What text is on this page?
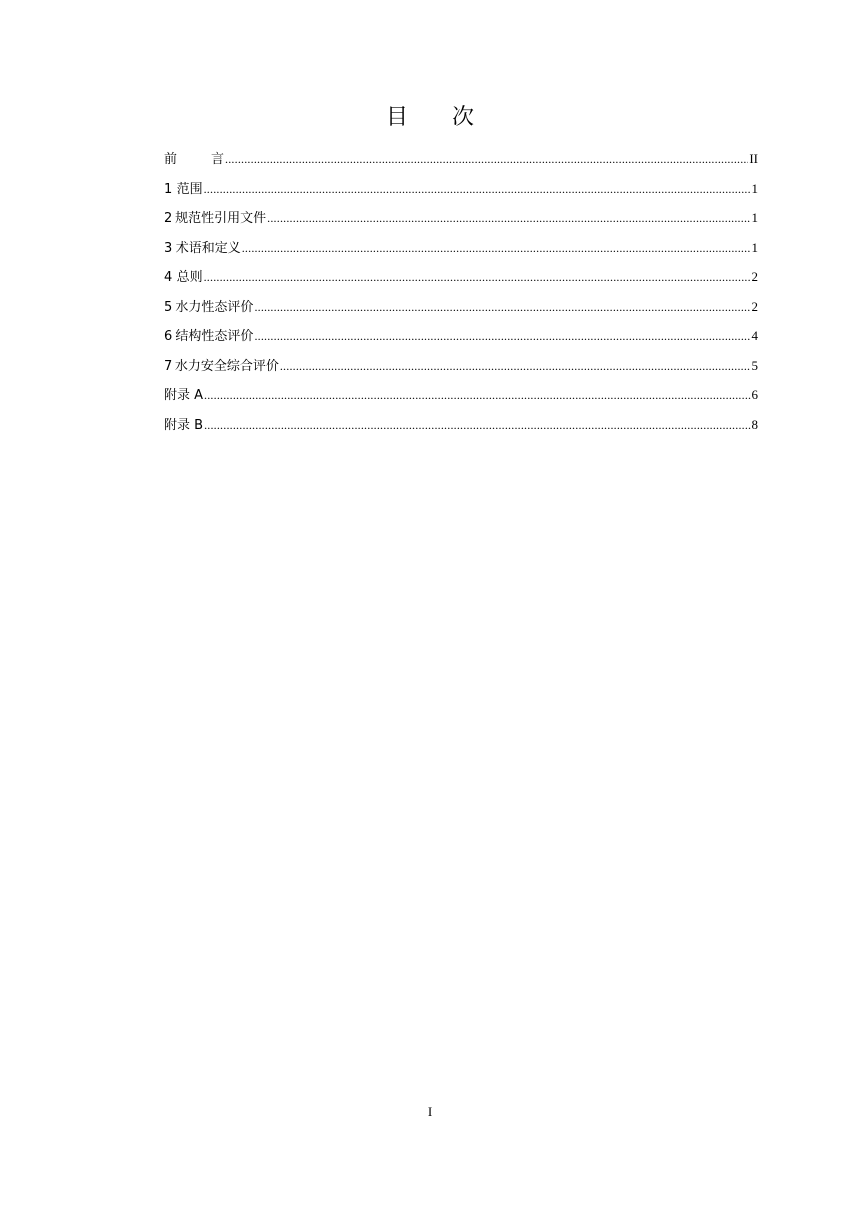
目 次
前	言 .....	II
1 范围 .....	1
2 规范性引用文件 .....	1
3 术语和定义 .....	1
4 总则 .....	2
5 水力性态评价 .....	2
6 结构性态评价 .....	4
7 水力安全综合评价 .....	5
附录 A .....	6
附录 B .....	8
I
